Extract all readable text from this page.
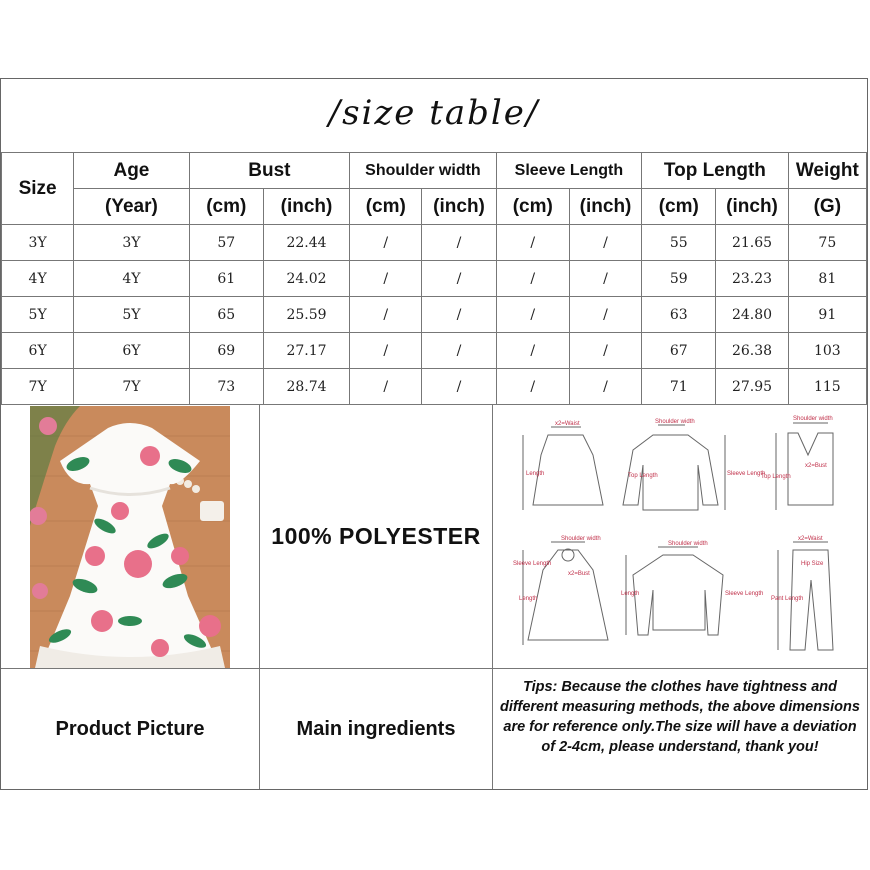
/size table/
Size	Age	Bust		Shoulder width		Sleeve Length		Top Length		Weight
	(Year)	(cm)	(inch)	(cm)	(inch)	(cm)	(inch)	(cm)	(inch)	(G)
3Y	3Y	57	22.44	/	/	/	/	55	21.65	75
4Y	4Y	61	24.02	/	/	/	/	59	23.23	81
5Y	5Y	65	25.59	/	/	/	/	63	24.80	91
6Y	6Y	69	27.17	/	/	/	/	67	26.38	103
7Y	7Y	73	28.74	/	/	/	/	71	27.95	115
100% POLYESTER
x2=Waist
Length
Shoulder width
Top Length	Sleeve Length
Shoulder width
x2=Bust
Top Length
Shoulder width
Sleeve Length
x2=Bust
Length
Shoulder width
Length	Sleeve Length
x2=Waist
Hip Size
Pant Length
Product Picture	Main ingredients
Tips: Because the clothes have tightness and different measuring methods, the above dimensions are for reference only.The size will have a deviation of 2-4cm, please understand, thank you!
